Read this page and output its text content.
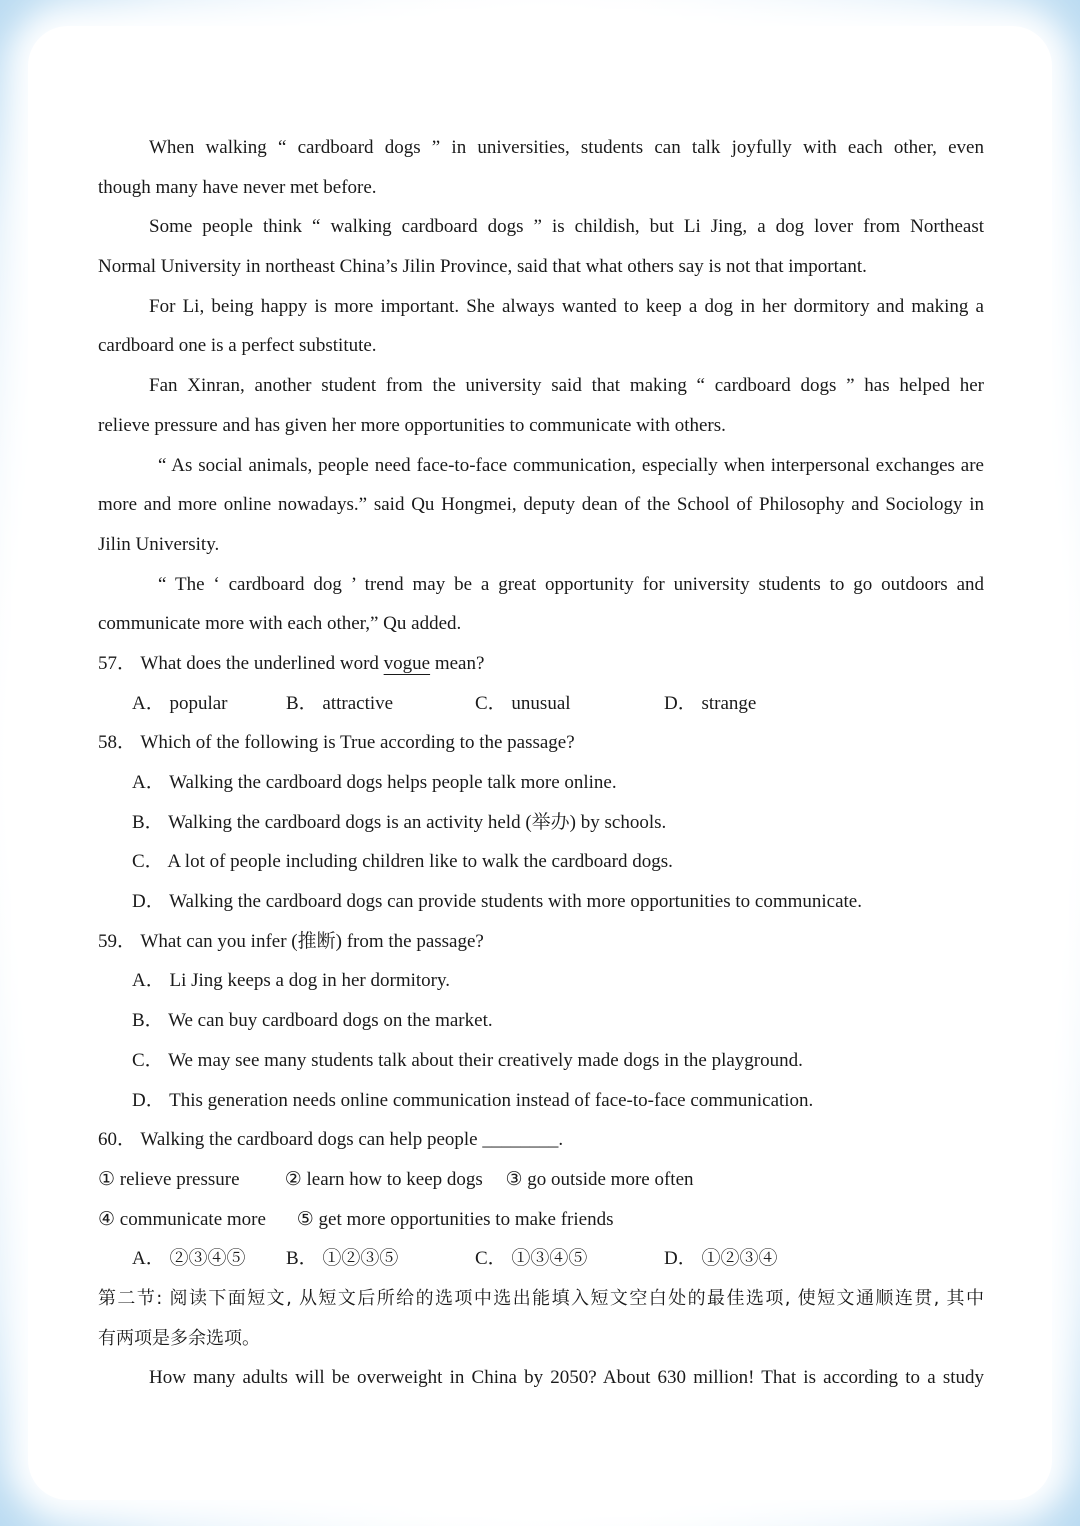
When walking “ cardboard dogs ” in universities, students can talk joyfully with each other, even
though many have never met before.
Some people think “ walking cardboard dogs ” is childish, but Li Jing, a dog lover from Northeast
Normal University in northeast China’s Jilin Province, said that what others say is not that important.
For Li, being happy is more important. She always wanted to keep a dog in her dormitory and making a
cardboard one is a perfect substitute.
Fan Xinran, another student from the university said that making “ cardboard dogs ” has helped her
relieve pressure and has given her more opportunities to communicate with others.
“ As social animals, people need face-to-face communication, especially when interpersonal exchanges are
more and more online nowadays.” said Qu Hongmei, deputy dean of the School of Philosophy and Sociology in
Jilin University.
“ The ‘ cardboard dog ’ trend may be a great opportunity for university students to go outdoors and
communicate more with each other,” Qu added.
57． What does the underlined word vogue mean?
A． popular	B． attractive	C． unusual	D． strange
58． Which of the following is True according to the passage?
A． Walking the cardboard dogs helps people talk more online.
B． Walking the cardboard dogs is an activity held (举办) by schools.
C． A lot of people including children like to walk the cardboard dogs.
D． Walking the cardboard dogs can provide students with more opportunities to communicate.
59． What can you infer (推断) from the passage?
A． Li Jing keeps a dog in her dormitory.
B． We can buy cardboard dogs on the market.
C． We may see many students talk about their creatively made dogs in the playground.
D． This generation needs online communication instead of face-to-face communication.
60． Walking the cardboard dogs can help people ________.
① relieve pressure ② learn how to keep dogs ③ go outside more often
④ communicate more ⑤ get more opportunities to make friends
A． ②③④⑤	B． ①②③⑤	C． ①③④⑤	D． ①②③④
第二节: 阅读下面短文, 从短文后所给的选项中选出能填入短文空白处的最佳选项, 使短文通顺连贯, 其中
有两项是多余选项。
How many adults will be overweight in China by 2050? About 630 million! That is according to a study
